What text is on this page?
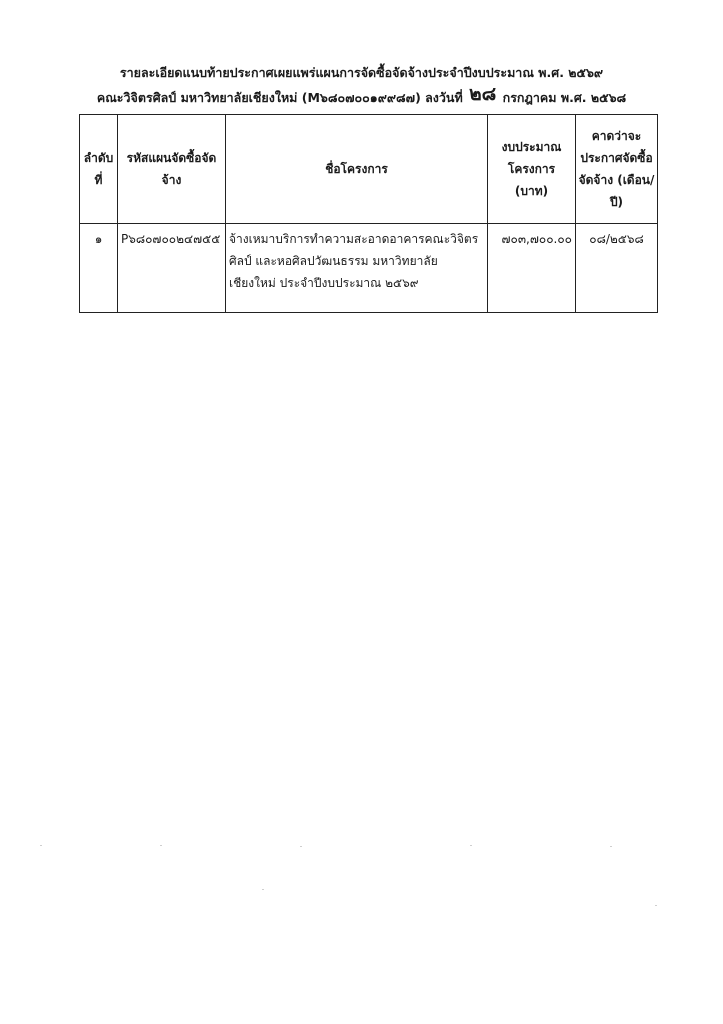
รายละเอียดแนบท้ายประกาศเผยแพร่แผนการจัดซื้อจัดจ้างประจำปีงบประมาณ พ.ศ. ๒๕๖๙
คณะวิจิตรศิลป์ มหาวิทยาลัยเชียงใหม่ (M๖๘๐๗๐๐๑๙๙๘๗) ลงวันที่ ๒๘ กรกฎาคม พ.ศ. ๒๕๖๘
ลำดับ ที่	รหัสแผนจัดซื้อจัด จ้าง	ชื่อโครงการ	งบประมาณ โครงการ (บาท)	คาดว่าจะ ประกาศจัดซื้อ จัดจ้าง (เดือน/ปี)
๑	P๖๘๐๗๐๐๒๔๗๕๕	จ้างเหมาบริการทำความสะอาดอาคารคณะวิจิตร ศิลป์ และหอศิลปวัฒนธรรม มหาวิทยาลัยเชียงใหม่ ประจำปีงบประมาณ ๒๕๖๙	๗๐๓,๗๐๐.๐๐	๐๘/๒๕๖๘
